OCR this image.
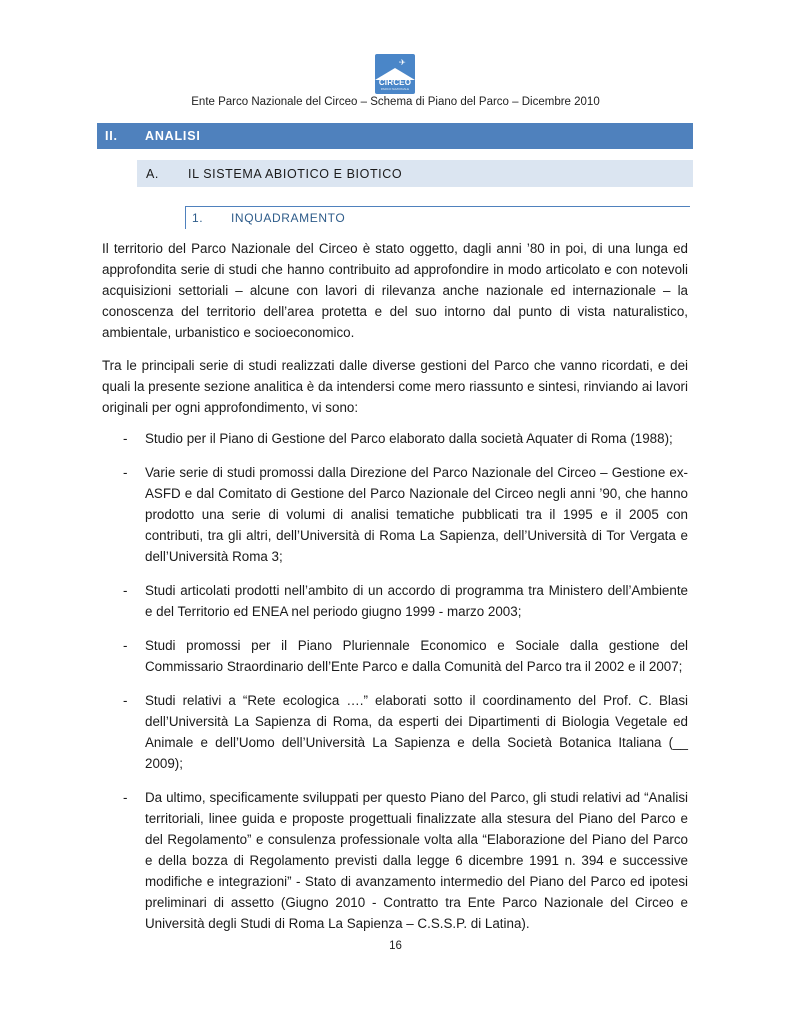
✈
CIRCEO
PARCO NAZIONALE
Ente Parco Nazionale del Circeo – Schema di Piano del Parco – Dicembre 2010
II. ANALISI
A. IL SISTEMA ABIOTICO E BIOTICO
1. INQUADRAMENTO

Il territorio del Parco Nazionale del Circeo è stato oggetto, dagli anni ’80 in poi, di una lunga ed approfondita serie di studi che hanno contribuito ad approfondire in modo articolato e con notevoli acquisizioni settoriali – alcune con lavori di rilevanza anche nazionale ed internazionale – la conoscenza del territorio dell’area protetta e del suo intorno dal punto di vista naturalistico, ambientale, urbanistico e socioeconomico.

Tra le principali serie di studi realizzati dalle diverse gestioni del Parco che vanno ricordati, e dei quali la presente sezione analitica è da intendersi come mero riassunto e sintesi, rinviando ai lavori originali per ogni approfondimento, vi sono:

- Studio per il Piano di Gestione del Parco elaborato dalla società Aquater di Roma (1988);
- Varie serie di studi promossi dalla Direzione del Parco Nazionale del Circeo – Gestione ex-ASFD e dal Comitato di Gestione del Parco Nazionale del Circeo negli anni ’90, che hanno prodotto una serie di volumi di analisi tematiche pubblicati tra il 1995 e il 2005 con contributi, tra gli altri, dell’Università di Roma La Sapienza, dell’Università di Tor Vergata e dell’Università Roma 3;
- Studi articolati prodotti nell’ambito di un accordo di programma tra Ministero dell’Ambiente e del Territorio ed ENEA nel periodo giugno 1999 - marzo 2003;
- Studi promossi per il Piano Pluriennale Economico e Sociale dalla gestione del Commissario Straordinario dell’Ente Parco e dalla Comunità del Parco tra il 2002 e il 2007;
- Studi relativi a “Rete ecologica ….” elaborati sotto il coordinamento del Prof. C. Blasi dell’Università La Sapienza di Roma, da esperti dei Dipartimenti di Biologia Vegetale ed Animale e dell’Uomo dell’Università La Sapienza e della Società Botanica Italiana (__ 2009);
- Da ultimo, specificamente sviluppati per questo Piano del Parco, gli studi relativi ad “Analisi territoriali, linee guida e proposte progettuali finalizzate alla stesura del Piano del Parco e del Regolamento” e consulenza professionale volta alla “Elaborazione del Piano del Parco e della bozza di Regolamento previsti dalla legge 6 dicembre 1991 n. 394 e successive modifiche e integrazioni” - Stato di avanzamento intermedio del Piano del Parco ed ipotesi preliminari di assetto (Giugno 2010 - Contratto tra Ente Parco Nazionale del Circeo e Università degli Studi di Roma La Sapienza – C.S.S.P. di Latina).
16
